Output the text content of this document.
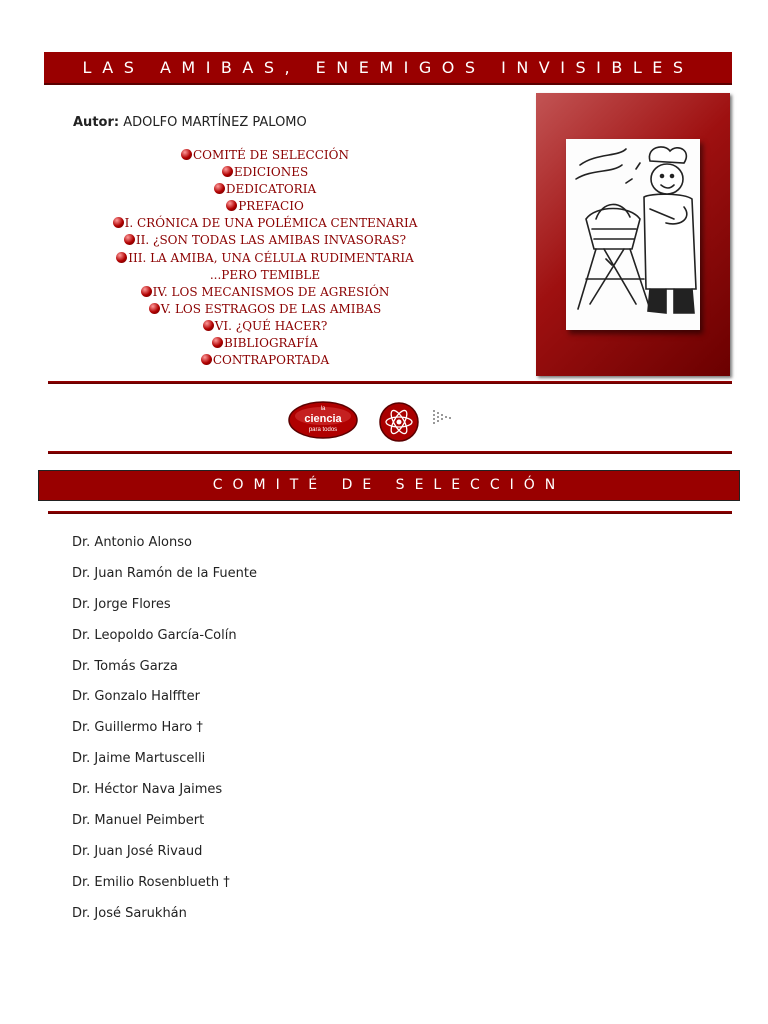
LAS AMIBAS, ENEMIGOS INVISIBLES
Autor: ADOLFO MARTÍNEZ PALOMO
COMITÉ DE SELECCIÓN
EDICIONES
DEDICATORIA
PREFACIO
I. CRÓNICA DE UNA POLÉMICA CENTENARIA
II. ¿SON TODAS LAS AMIBAS INVASORAS?
III. LA AMIBA, UNA CÉLULA RUDIMENTARIA
...PERO TEMIBLE
IV. LOS MECANISMOS DE AGRESIÓN
V. LOS ESTRAGOS DE LAS AMIBAS
VI. ¿QUÉ HACER?
BIBLIOGRAFÍA
CONTRAPORTADA
la
ciencia
para todos
COMITÉ DE SELECCIÓN
Dr. Antonio Alonso
Dr. Juan Ramón de la Fuente
Dr. Jorge Flores
Dr. Leopoldo García-Colín
Dr. Tomás Garza
Dr. Gonzalo Halffter
Dr. Guillermo Haro †
Dr. Jaime Martuscelli
Dr. Héctor Nava Jaimes
Dr. Manuel Peimbert
Dr. Juan José Rivaud
Dr. Emilio Rosenblueth †
Dr. José Sarukhán
